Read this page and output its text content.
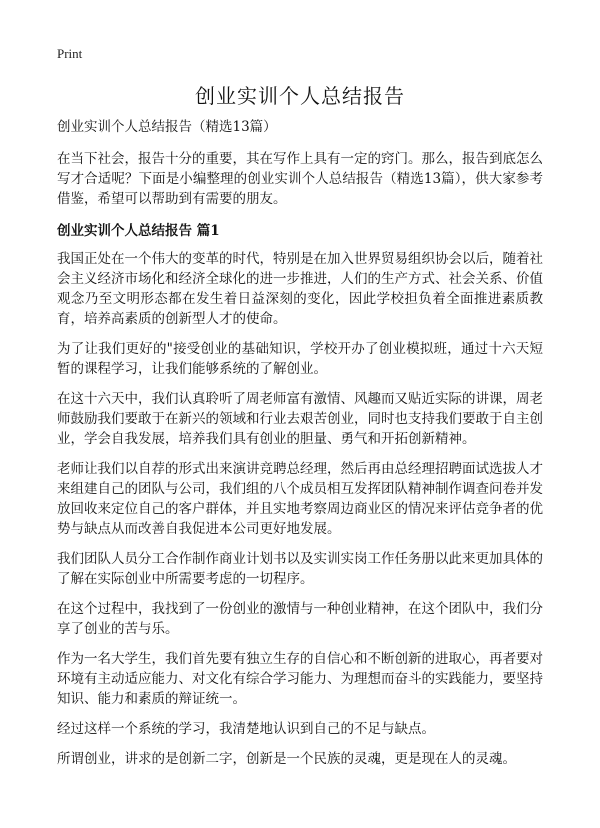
Print
创业实训个人总结报告

创业实训个人总结报告（精选13篇）

在当下社会，报告十分的重要，其在写作上具有一定的窍门。那么，报告到底怎么写才合适呢？下面是小编整理的创业实训个人总结报告（精选13篇），供大家参考借鉴，希望可以帮助到有需要的朋友。

创业实训个人总结报告 篇1

我国正处在一个伟大的变革的时代，特别是在加入世界贸易组织协会以后，随着社会主义经济市场化和经济全球化的进一步推进，人们的生产方式、社会关系、价值观念乃至文明形态都在发生着日益深刻的变化，因此学校担负着全面推进素质教育，培养高素质的创新型人才的使命。

为了让我们更好的"接受创业的基础知识，学校开办了创业模拟班，通过十六天短暂的课程学习，让我们能够系统的了解创业。

在这十六天中，我们认真聆听了周老师富有激情、风趣而又贴近实际的讲课，周老师鼓励我们要敢于在新兴的领域和行业去艰苦创业，同时也支持我们要敢于自主创业，学会自我发展，培养我们具有创业的胆量、勇气和开拓创新精神。

老师让我们以自荐的形式出来演讲竞聘总经理，然后再由总经理招聘面试选拔人才来组建自己的团队与公司，我们组的八个成员相互发挥团队精神制作调查问卷并发放回收来定位自己的客户群体，并且实地考察周边商业区的情况来评估竞争者的优势与缺点从而改善自我促进本公司更好地发展。

我们团队人员分工合作制作商业计划书以及实训实岗工作任务册以此来更加具体的了解在实际创业中所需要考虑的一切程序。

在这个过程中，我找到了一份创业的激情与一种创业精神，在这个团队中，我们分享了创业的苦与乐。

作为一名大学生，我们首先要有独立生存的自信心和不断创新的进取心，再者要对环境有主动适应能力、对文化有综合学习能力、为理想而奋斗的实践能力，要坚持知识、能力和素质的辩证统一。

经过这样一个系统的学习，我清楚地认识到自己的不足与缺点。

所谓创业，讲求的是创新二字，创新是一个民族的灵魂，更是现在人的灵魂。
